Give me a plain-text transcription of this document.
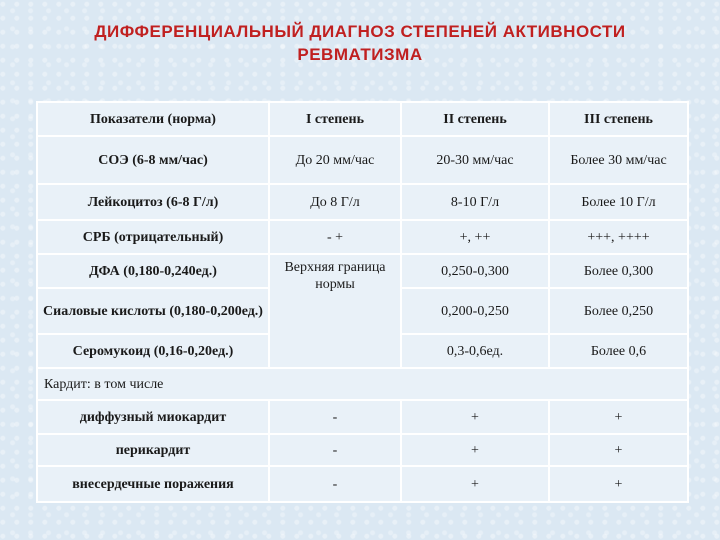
ДИФФЕРЕНЦИАЛЬНЫЙ ДИАГНОЗ СТЕПЕНЕЙ АКТИВНОСТИ
РЕВМАТИЗМА
Показатели (норма)	I степень	II степень	III степень
СОЭ (6-8 мм/час)	До 20 мм/час	20-30 мм/час	Более 30 мм/час
Лейкоцитоз (6-8 Г/л)	До 8 Г/л	8-10 Г/л	Более 10 Г/л
СРБ (отрицательный)	- +	+, ++	+++, ++++
ДФА (0,180-0,240ед.)	Верхняя граница нормы	0,250-0,300	Более 0,300
Сиаловые кислоты (0,180-0,200ед.)		0,200-0,250	Более 0,250
Серомукоид (0,16-0,20ед.)		0,3-0,6ед.	Более 0,6
Кардит: в том числе			
диффузный миокардит	-	+	+
перикардит	-	+	+
внесердечные поражения	-	+	+
